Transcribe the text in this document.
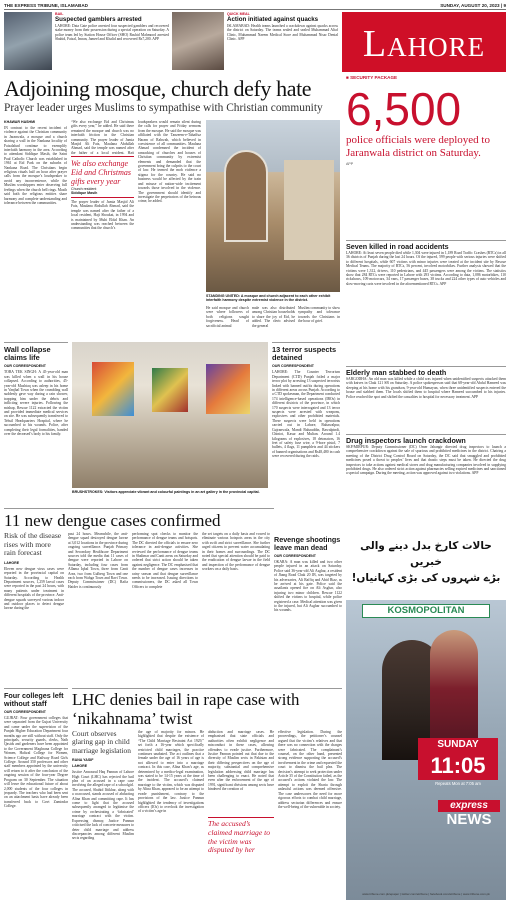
THE EXPRESS TRIBUNE, ISLAMABAD	SUNDAY, AUGUST 20, 2023 | 9
BAIL
Suspected gamblers arrested
LAHORE: Data Gate police arrested four suspected gamblers and recovered stake money from their possession during a special operation on Saturday. A police team led by Station House Officer (SHO) Rashid Mahmood arrested Shahid, Faisal, Imran, Jameel and Khalid and recovered Rs7,200. APP
QUICK MEAL
Action initiated against quacks
ISLAMABAD: Health teams launched a crackdown against quacks across the district on Saturday. The teams sealed and sealed Muhammad Altaf Clinic, Muhammad Naeem Medical Store and Muhammad Nisar Dental Clinic. APP	Lahore
Adjoining mosque, church defy hate
Prayer leader urges Muslims to sympathise with Christian community
KHAWAR HASHMI
IN contrast to the recent incident of violence against the Christian community in Jaranwala, a mosque and a church sharing a wall in the Nankana locality of Faisalabad continue to exemplify interfaith harmony in the area. According to attendant Siddique Masih, the Saint Paul Catholic Church was established in 1961 at Eid Park on the suburbs of Nankana Road. The Christians begin religious rituals half an hour after prayer calls from the mosque’s loudspeaker to avoid any inconvenience, while the Muslim worshippers enter observing full feelings when the church bell rings. Masih said both the religious entities share harmony and complete understanding and tolerance between the communities.
“We also exchange Eid and Christmas gifts every year,” he added. He said there remained the mosque and church was no interfaith friction in the Christian community. The prayer leader of Jamia Masjid Ali Faiz, Maulana Abdullah Ahmad, said the temple was named after the father of a local resident, Haji
We also exchange Eid and Christmas gifts every year
Church resident
Siddique Masih
The prayer leader of Jamia Masjid Ali Faiz, Maulana Abdullah Ahmad, said the temple was named after the father of a local resident, Haji Shoukat, in 1994 and is maintained by Muhi Eldal Khan. An understanding was reached between the communities that the church’s
loudspeakers would remain silent during the calls for prayer and Friday sermons from the mosque. He said the mosque was affiliated with the Tanzeem-e-Tahaffuz Haram of Rabwah, which believed in coexistence of all communities. Maulana Ahmad condemned the incident of ransacking of churches and houses of Christian community by extremist elements and demanded that the government bring the culprits to the court of law. He termed the mob violence a stigma for the country. He said no business would be affected by the train and misuse of nation-wide incitement towards those involved in the violence. The government should identify and investigate the perpetrators of the heinous crime, he added.
STANDING UNITED: A mosque and church adjacent to each other exhibit interfaith harmony despite extremist violence in the district.
He said mosque and church were where followers of both religions sought forgiveness. Head of sacrificial animal
male was also distributed among Christian households to share the joy of Eid, he added. The cleric advised the general
Muslim community to show sympathy and tolerance towards the Christians in the hour of grief.
■ SECURITY PACKAGE
6,500
police officials were deployed to Jaranwala district on Saturday.
APP
Seven killed in road accidents
LAHORE: At least seven people died while 1,304 were injured in 1,189 Road Traffic Crashes (RTCs) in all 36 districts of Punjab during the last 24 hours. Of the injured, 599 people with serious injuries were shifted to different hospitals, while 607 victims with minor injuries were treated at the incident site by Rescue Medical Teams. The majority of RTCs, 56 percent, involved motorbikes. Further analysis showed that the victims were 1,312, drivers, 110 pedestrians, and 445 passengers were among the victims. The statistics show that 284 RTCs were reported in Lahore with 293 victims. According to data, 1,086 motorbikes, 110 rickshaws, 109 motorcars, 34 vans, 17 passenger buses, 38 trucks and 224 other types of auto vehicles and slow-moving carts were involved in the aforementioned RTCs. APP
Elderly man stabbed to death
SARGODHA: An old man was killed while a child was injured when unidentified suspects attacked them with knives in Chak 121 SB on Saturday. A police spokesperson said that 68-year-old Abdul Hameed was sleeping at his home with his grandson, 9-year-old Humayun, when three unidentified suspects entered the house and stabbed them. The locals shifted them to hospital where Hameed succumbed to his injuries. Police reached the spot and shifted the casualties to hospital for necessary treatment. APP
Drug inspectors launch crackdown
SKP/MIRPUR: Deputy Commissioner (DC) Omer Jahangir directed drug inspectors to launch a comprehensive crackdown against the sale of spurious and prohibited medicines in the district. Chairing a meeting of the District Drug Control Board on Saturday, the DC said that smuggled and prohibited medicines posed a threat to peoples’ lives and that drastic steps must be taken. He directed the drug inspectors to take actions against medical stores and drug manufacturing companies involved in supplying prohibited drugs. He also ordered strict action against pharmacies selling expired medicines and sanctioned a special campaign. During the meeting, action was approved against two violations. APP
Wall collapse claims life
OUR CORRESPONDENT
TOBA TEK SINGH: A 45-year-old man was killed when a wall in his house collapsed. According to authorities, 45-year-old Mushtaq was asleep in his home in Vanjhal Town when the crumbling wall suddenly gave way during a rain shower, trapping him under the debris and inflicting severe injuries. Following the mishap, Rescue 1122 extracted the victim and provided immediate medical services on site. He was subsequently transferred to Tehsil Headquarters Hospital, where he succumbed to his wounds. Police, after completing their legal formalities, handed over the deceased’s body to his family.
BRUSHSTROKES: Visitors appreciate vibrant and colourful paintings in an art gallery in the provincial capital.
13 terror suspects detained
OUR CORRESPONDENT
LAHORE: The Counter Terrorism Department (CTD) Punjab foiled a major terror plot by arresting 13 suspected terrorists linked with banned outfits during operations in different areas across Punjab. According to a CTD spokesman, the Department conducted 174 intelligence-based operations (IBOs) in different districts of the province, in which 170 suspects were interrogated and 13 terror suspects were arrested with weapons, explosives and other prohibited materials. These suspects were held in operations carried out in Lahore, Bahawalpur, Gujranwala, Mandi Bahauddin, Rawalpindi, Chiniot, Kasur and Multan. Around 1.4 kilograms of explosives, 18 detonators, 16 feet of safety fuse wire, a 9-bore pistol, 7 bullets, 4 flags, 11 pamphlets and 44 stickers of banned organisations and Rs48,480 in cash were recovered during the raids.
11 new dengue cases confirmed
Risk of the disease rises with more rain forecast
LAHORE
Eleven new dengue virus cases were reported in the provincial capital on Saturday. According to Health Department sources, 1,259 larval cases were reported in the past 24 hours, with many patients under treatment in different hospitals of the province. Anti-dengue squads surveyed various indoor and outdoor places to detect dengue larvae during the
past 24 hours. Meanwhile, the anti-dengue squad destroyed dengue larvae at 3,012 locations in the province during ongoing surveillance. Punjab Primary and Secondary Healthcare Department sources told the media that 11 cases of dengue were reported in Lahore on Saturday, including four cases from Allama Iqbal Town, three from Cantt Area, two from Gulberg Town and one each from Wahga Town and Ravi Town. Deputy Commissioner (DC) Rafia Haider is continuously
performing spot checks to monitor the performance of dengue teams and hotspots. The DC directed the officials to ensure zero tolerance in anti-dengue activities. She reviewed the performance of dengue teams in Shalimar and Cantt areas on Saturday and ordered that strict action should be taken against negligence. The DC emphasised that the number of dengue cases increases in rainy season and that dengue surveillance needs to be increased. Issuing directions to commissioners, the DC asked all Town Officers to complete
the set targets on a daily basis and vowed to eliminate various hotspots areas in the city with swift and strict surveillance. She further urged citizens to prevent water accumulating in their homes and surroundings. The DC noted that special attention should be paid to the eradication of dengue larvae in the field and inspection of the performance of dengue workers on a daily basis.
Revenge shootings leave man dead
OUR CORRESPONDENT
OKARA: A man was killed and two other people injured in an attack on Saturday. Police said 36-year-old Ali Asghar, a resident of Jhang Road Chak 20 JB, was targeted by his adversaries, Ali Raffiq and Abid Riaz, as he arrived at his gate. Police said the assailants opened fire on Ali Asghar, also injuring two minor children. Rescue 1122 shifted the victims to hospital, while police registered a case. Medical attention was given to the injured, but Ali Asghar succumbed to his wounds.
حالات کارخ بدل دینے والی خبریں
بڑے شہروں کی بڑی کہانیاں!
KOSMOPOLITAN
SUNDAY
11:05
Repeats Mon at 7:05 am
express
NEWS
Four colleges left without staff
OUR CORRESPONDENT
GUJRAT: Four government colleges that were separated from the Gujrat University and came under the supervision of the Punjab Higher Education Department four months ago are still without staff. Only the principals, security guards, clerks, Naib Qasids and gardeners have been appointed to the Government Maghrana College for Women, Hafizal College for Women, Science College and Railway Road Girls College. Around 350 professors and other staff members appointed by the university will return to it after the conclusion of the ongoing session of the four-year Degree Program on 30 September. The situation will leave the educational future of about 2,000 students of the four colleges in jeopardy. The teachers who had been sent on an attachment basis have already been transferred back to Govt Zamindar College.
LHC denies bail in rape case with ‘nikahnama’ twist
Court observes glaring gap in child marriage legislation
RANA YASIF
LAHORE
Justice Anwaarul Haq Pannun of Lahore High Court (LHC) has rejected the bail plea of an accused in a rape case involving the alleged rape of a schoolgirl. The accused, Shahid Iftikhar, along with a coaccused, stands accused of abducting Alina Khan and committing rape. It has come to light that the accused subsequently arranged to legitimise the crime by orchestrating a ‘fabricated’ marriage contract with the victim. Expressing dismay, Justice Pannun criticised the lack of concrete measures to deter child marriage and address discrepancies among different Muslim sects regarding
the age of majority for minors. He highlighted that despite the existence of “The Child Marriage Restraint Act 1929,” set forth a 16-year which specifically restricted child marriages, the practice continues unabated. The act outlines that a female under the age of 16 years of age is not allowed to enter into a marriage contract. In this case, Alina Khan’s age, as determined by a medico-legal examination, was stated to be 14-15 years at the time of the incident. The accused’s claimed marriage to the victim, which was disputed by Alina Khan, appeared to be an attempt to evade punishment, contrary to the provisions of the law. Justice Pannun highlighted the tendency of investigations officers (IOs) to overlook the investigation of a victim’s age in
abduction and marriage cases. He emphasised that state officials and authorities often exhibit negligence and misconduct in these cases, allowing offenders to evade justice. Furthermore, Justice Pannun pointed out that due to the diversity of Muslim sects in Pakistan and their differing perspectives on the age of majority, substantial and comprehensive legislation addressing child marriage has been challenging to enact. He noted that even after the enforcement of the age of 1991, significant divisions among sects have hindered the creation of
The accused’s claimed marriage to the victim was disputed by her
effective legislation. During the proceedings, the petitioner’s counsel argued that the victim’s relatives and that there was no connection with the charges were fabricated. The complainant’s counsel, on the other hand, presented strong evidence supporting the accused’s involvement in the crime and requested the court to dismiss the bail plea. The decision’s attempt to seek protection under Article 35 of the Constitution failed, as the accused’s actions violated the law. The attempt to exploit the Sharia through unlawful actions was deemed offensive. The case underscores the need for more rigorous efforts to combat child marriage, address sectarian differences and ensure the well-being of the vulnerable in society.
www.tribune.com.pk/epaper | twitter.com/etribune | facebook.com/etribune | www.tribune.com.pk
